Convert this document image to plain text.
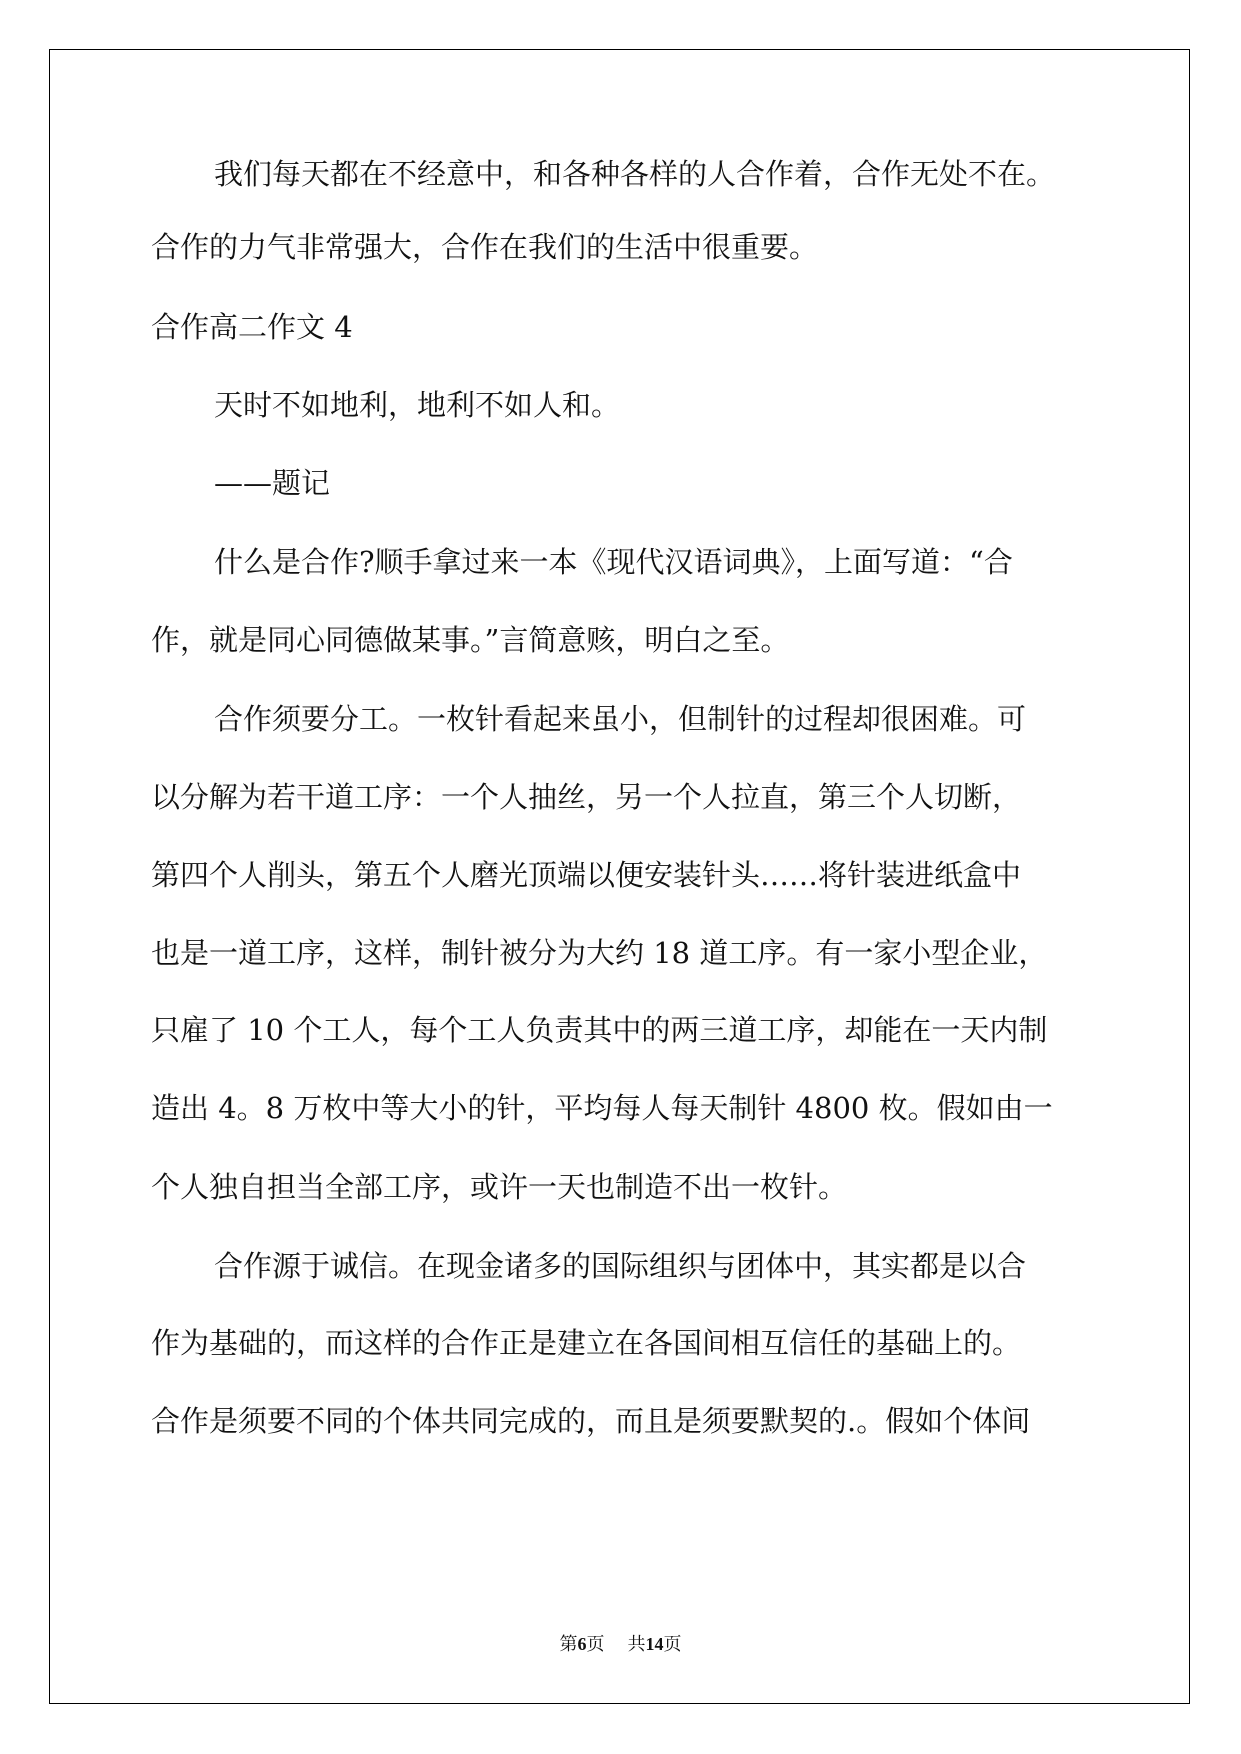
我们每天都在不经意中，和各种各样的人合作着，合作无处不在。

合作的力气非常强大，合作在我们的生活中很重要。

合作高二作文 4

天时不如地利，地利不如人和。

——题记

什么是合作?顺手拿过来一本《现代汉语词典》，上面写道：“合

作，就是同心同德做某事。”言简意赅，明白之至。

合作须要分工。一枚针看起来虽小，但制针的过程却很困难。可

以分解为若干道工序：一个人抽丝，另一个人拉直，第三个人切断，

第四个人削头，第五个人磨光顶端以便安装针头……将针装进纸盒中

也是一道工序，这样，制针被分为大约 18 道工序。有一家小型企业，

只雇了 10 个工人，每个工人负责其中的两三道工序，却能在一天内制

造出 4。8 万枚中等大小的针，平均每人每天制针 4800 枚。假如由一

个人独自担当全部工序，或许一天也制造不出一枚针。

合作源于诚信。在现金诸多的国际组织与团体中，其实都是以合

作为基础的，而这样的合作正是建立在各国间相互信任的基础上的。

合作是须要不同的个体共同完成的，而且是须要默契的.。假如个体间

第6页 共14页
